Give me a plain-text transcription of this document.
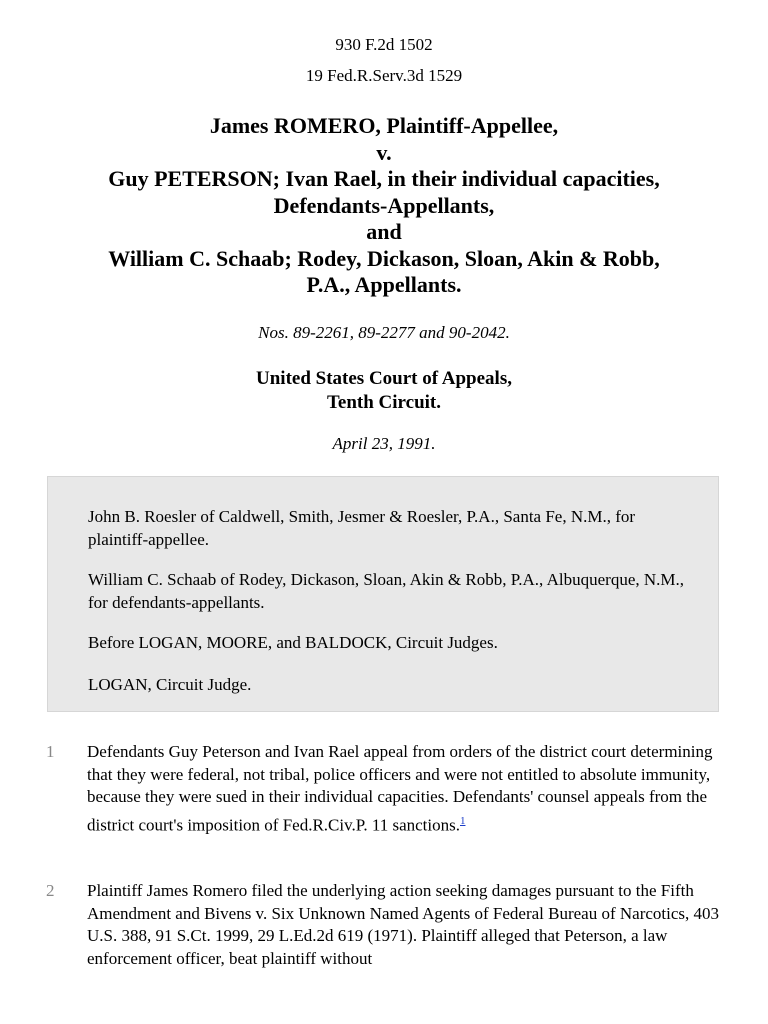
930 F.2d 1502
19 Fed.R.Serv.3d 1529
James ROMERO, Plaintiff-Appellee,
v.
Guy PETERSON; Ivan Rael, in their individual capacities,
Defendants-Appellants,
and
William C. Schaab; Rodey, Dickason, Sloan, Akin & Robb,
P.A., Appellants.
Nos. 89-2261, 89-2277 and 90-2042.
United States Court of Appeals,
Tenth Circuit.
April 23, 1991.

John B. Roesler of Caldwell, Smith, Jesmer & Roesler, P.A., Santa Fe, N.M., for plaintiff-appellee.

William C. Schaab of Rodey, Dickason, Sloan, Akin & Robb, P.A., Albuquerque, N.M., for defendants-appellants.

Before LOGAN, MOORE, and BALDOCK, Circuit Judges.

LOGAN, Circuit Judge.

1 Defendants Guy Peterson and Ivan Rael appeal from orders of the district court determining that they were federal, not tribal, police officers and were not entitled to absolute immunity, because they were sued in their individual capacities. Defendants' counsel appeals from the district court's imposition of Fed.R.Civ.P. 11 sanctions.$^1$
2 Plaintiff James Romero filed the underlying action seeking damages pursuant to the Fifth Amendment and Bivens v. Six Unknown Named Agents of Federal Bureau of Narcotics, 403 U.S. 388, 91 S.Ct. 1999, 29 L.Ed.2d 619 (1971). Plaintiff alleged that Peterson, a law enforcement officer, beat plaintiff without
